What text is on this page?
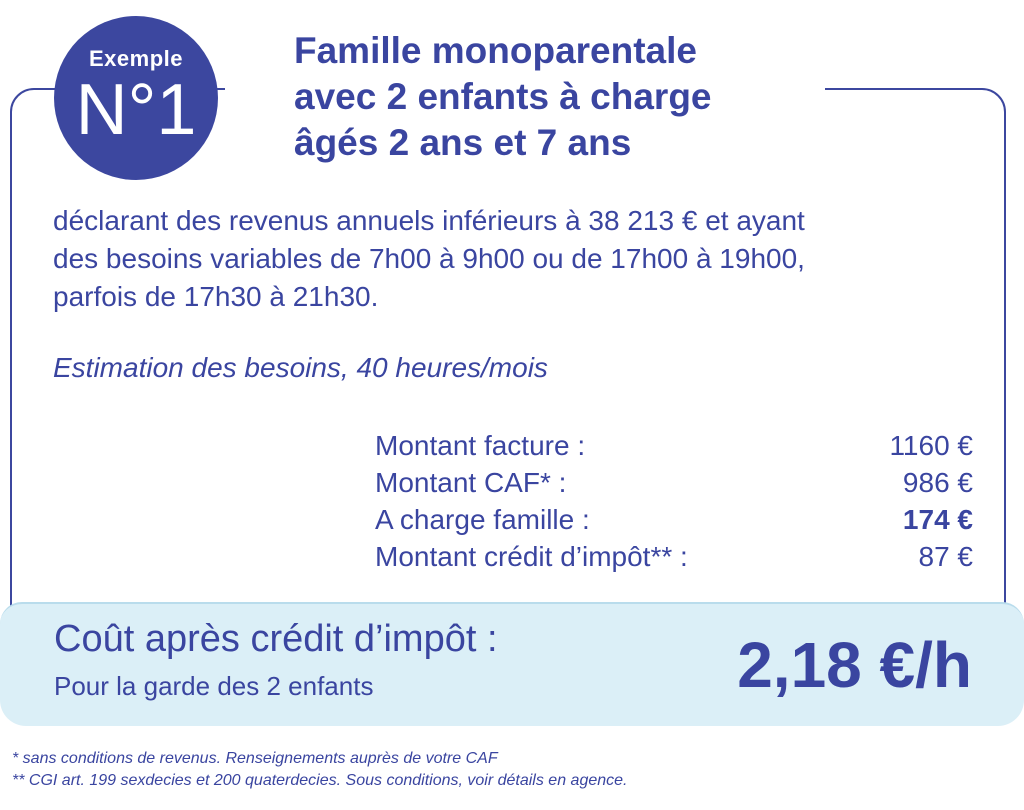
Exemple
N°1
Famille monoparentale
avec 2 enfants à charge
âgés 2 ans et 7 ans
déclarant des revenus annuels inférieurs à 38 213 € et ayant
des besoins variables de 7h00 à 9h00 ou de 17h00 à 19h00,
parfois de 17h30 à 21h30.
Estimation des besoins, 40 heures/mois
Montant facture :	1160 €
Montant CAF* :	986 €
A charge famille :	174 €
Montant crédit d’impôt** :	87 €
Coût après crédit d’impôt :
Pour la garde des 2 enfants	2,18 €/h
* sans conditions de revenus. Renseignements auprès de votre CAF
** CGI art. 199 sexdecies et 200 quaterdecies. Sous conditions, voir détails en agence.
